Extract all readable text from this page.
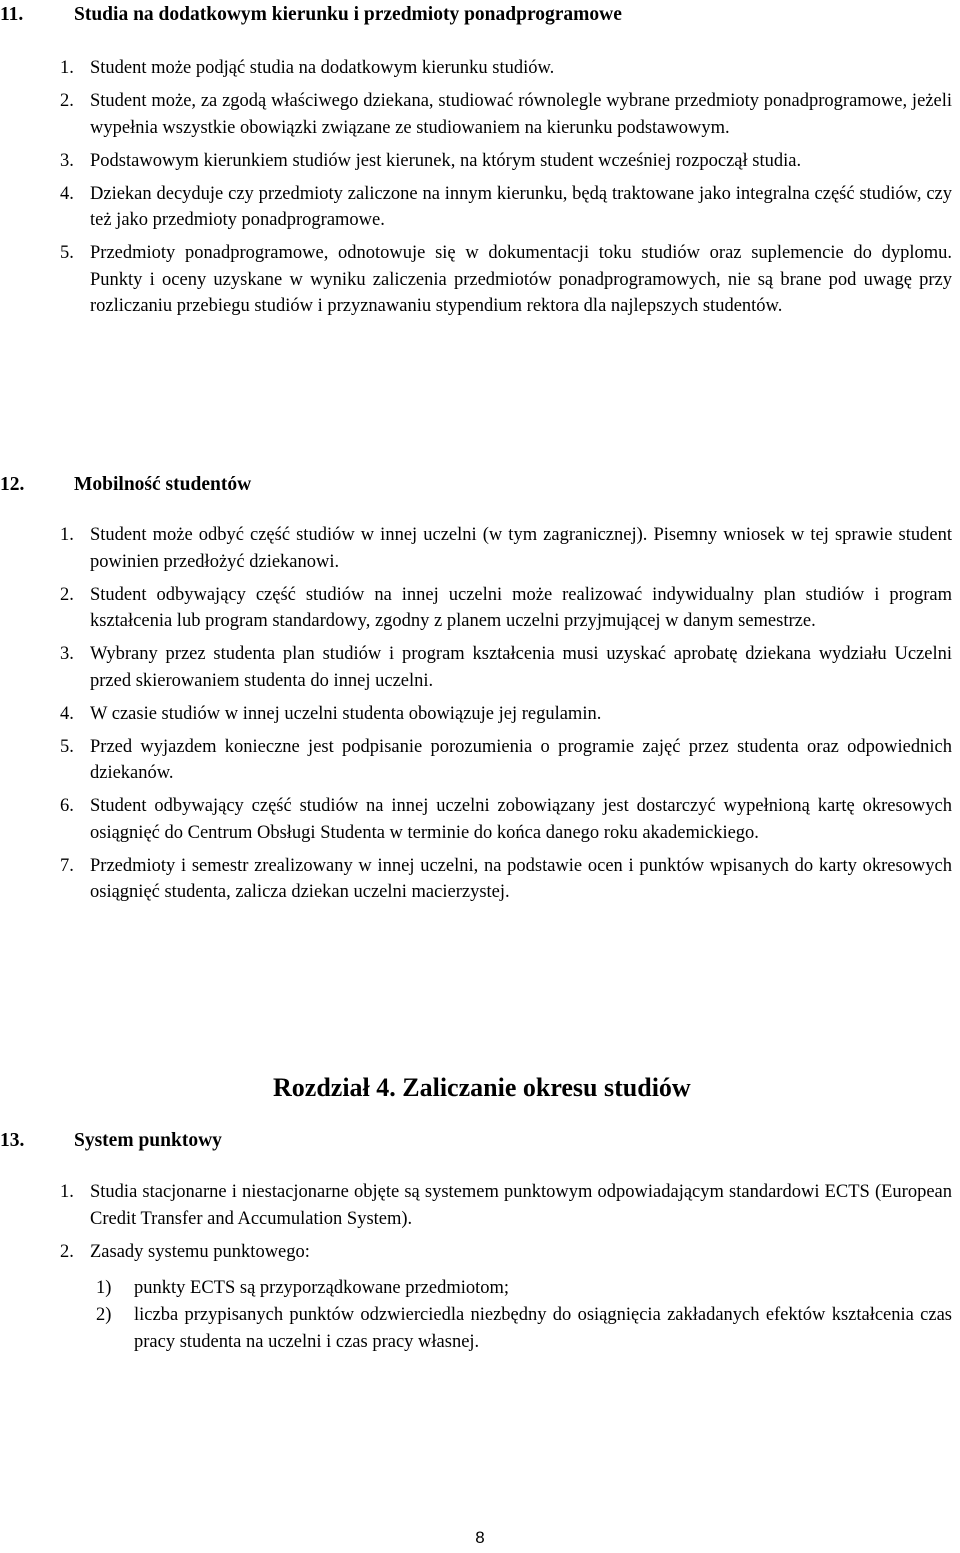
11.	Studia na dodatkowym kierunku i przedmioty ponadprogramowe
1. Student może podjąć studia na dodatkowym kierunku studiów.
2. Student może, za zgodą właściwego dziekana, studiować równolegle wybrane przedmioty ponadprogramowe, jeżeli wypełnia wszystkie obowiązki związane ze studiowaniem na kierunku podstawowym.
3. Podstawowym kierunkiem studiów jest kierunek, na którym student wcześniej rozpoczął studia.
4. Dziekan decyduje czy przedmioty zaliczone na innym kierunku, będą traktowane jako integralna część studiów, czy też jako przedmioty ponadprogramowe.
5. Przedmioty ponadprogramowe, odnotowuje się w dokumentacji toku studiów oraz suplemencie do dyplomu. Punkty i oceny uzyskane w wyniku zaliczenia przedmiotów ponadprogramowych, nie są brane pod uwagę przy rozliczaniu przebiegu studiów i przyznawaniu stypendium rektora dla najlepszych studentów.
12.	Mobilność studentów
1. Student może odbyć część studiów w innej uczelni (w tym zagranicznej). Pisemny wniosek w tej sprawie student powinien przedłożyć dziekanowi.
2. Student odbywający część studiów na innej uczelni może realizować indywidualny plan studiów i program kształcenia lub program standardowy, zgodny z planem uczelni przyjmującej w danym semestrze.
3. Wybrany przez studenta plan studiów i program kształcenia musi uzyskać aprobatę dziekana wydziału Uczelni przed skierowaniem studenta do innej uczelni.
4. W czasie studiów w innej uczelni studenta obowiązuje jej regulamin.
5. Przed wyjazdem konieczne jest podpisanie porozumienia o programie zajęć przez studenta oraz odpowiednich dziekanów.
6. Student odbywający część studiów na innej uczelni zobowiązany jest dostarczyć wypełnioną kartę okresowych osiągnięć do Centrum Obsługi Studenta w terminie do końca danego roku akademickiego.
7. Przedmioty i semestr zrealizowany w innej uczelni, na podstawie ocen i punktów wpisanych do karty okresowych osiągnięć studenta, zalicza dziekan uczelni macierzystej.
Rozdział 4. Zaliczanie okresu studiów
13.	System punktowy
1. Studia stacjonarne i niestacjonarne objęte są systemem punktowym odpowiadającym standardowi ECTS (European Credit Transfer and Accumulation System).
2. Zasady systemu punktowego:
1) punkty ECTS są przyporządkowane przedmiotom;
2) liczba przypisanych punktów odzwierciedla niezbędny do osiągnięcia zakładanych efektów kształcenia czas pracy studenta na uczelni i czas pracy własnej.
8
